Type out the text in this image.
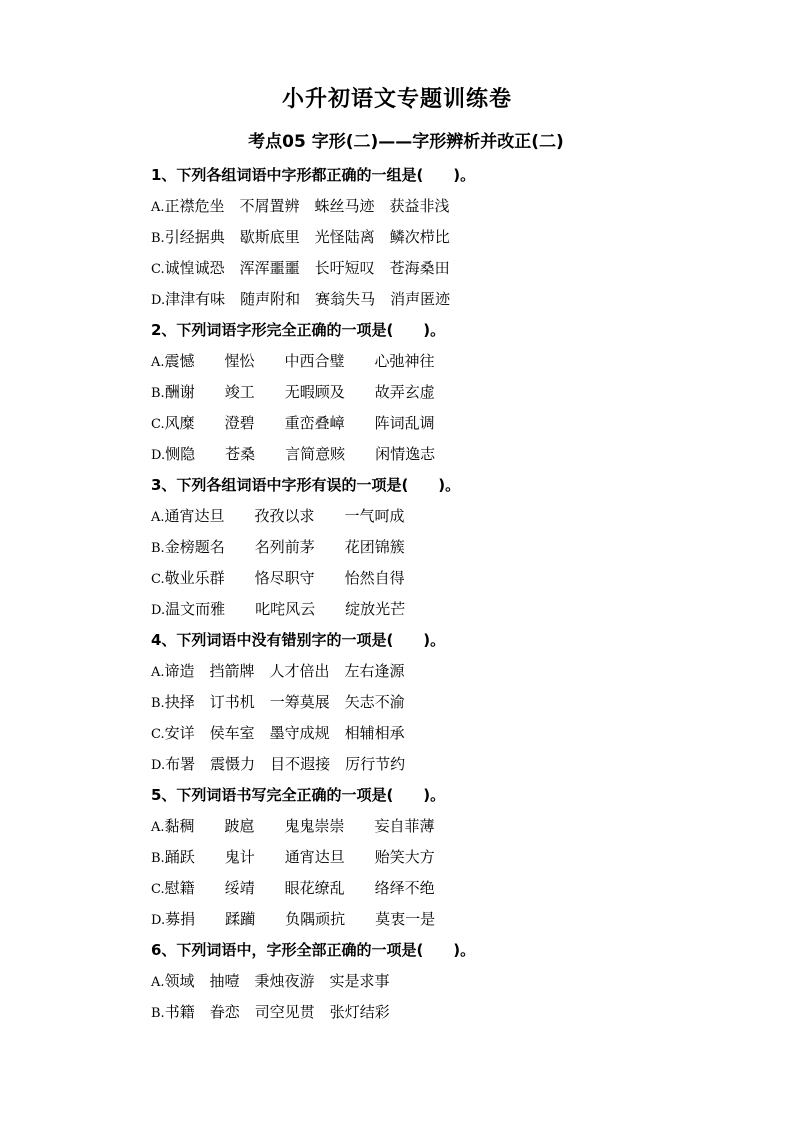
小升初语文专题训练卷
考点05 字形(二)——字形辨析并改正(二)
1、下列各组词语中字形都正确的一组是(　　)。
A. 正襟危坐　不屑置辨　蛛丝马迹　获益非浅
B. 引经据典　歇斯底里　光怪陆离　鳞次栉比
C. 诚惶诚恐　浑浑噩噩　长吁短叹　苍海桑田
D. 津津有味　随声附和　赛翁失马　消声匿迹
2、下列词语字形完全正确的一项是(　　)。
A. 震憾　　惺忪　　中西合璧　　心弛神往
B. 酬谢　　竣工　　无暇顾及　　故弄玄虚
C. 风糜　　澄碧　　重峦叠嶂　　阵词乱调
D. 恻隐　　苍桑　　言简意赅　　闲情逸志
3、下列各组词语中字形有误的一项是(　　)。
A. 通宵达旦　　孜孜以求　　一气呵成
B. 金榜题名　　名列前茅　　花团锦簇
C. 敬业乐群　　恪尽职守　　怡然自得
D. 温文而雅　　叱咤风云　　绽放光芒
4、下列词语中没有错别字的一项是(　　)。
A. 谛造　挡箭牌　人才倍出　左右逢源
B. 抉择　订书机　一筹莫展　矢志不渝
C. 安详　侯车室　墨守成规　相辅相承
D. 布署　震慑力　目不遐接　厉行节约
5、下列词语书写完全正确的一项是(　　)。
A. 黏稠　　跛扈　　鬼鬼崇崇　　妄自菲薄
B. 踊跃　　鬼计　　通宵达旦　　贻笑大方
C. 慰籍　　绥靖　　眼花缭乱　　络绎不绝
D. 募捐　　蹂躏　　负隅顽抗　　莫衷一是
6、下列词语中，字形全部正确的一项是(　　)。
A. 领域　抽噎　秉烛夜游　实是求事
B. 书籍　眷恋　司空见贯　张灯结彩
